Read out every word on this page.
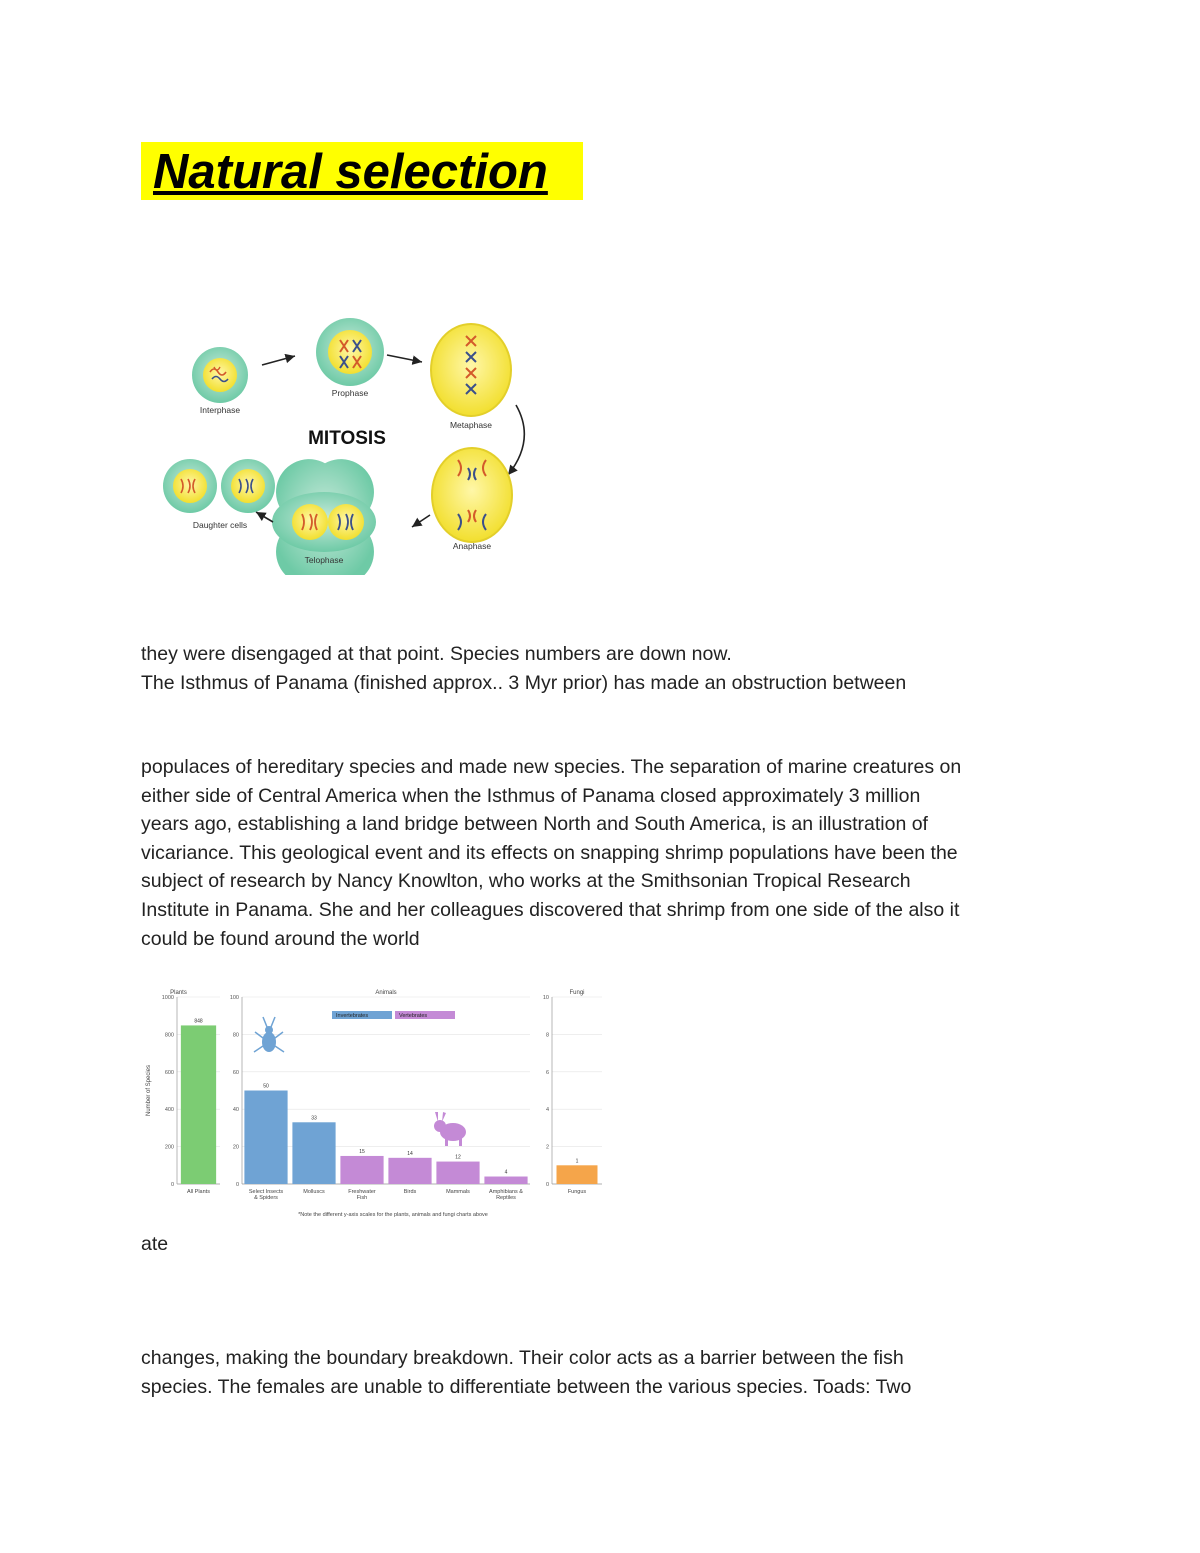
Natural selection
Interphase
Prophase
Metaphase
MITOSIS
Anaphase
Telophase
Daughter cells
they were disengaged at that point. Species numbers are down now.
The Isthmus of Panama (finished approx.. 3 Myr prior) has made an obstruction between
populaces of hereditary species and made new species. The separation of marine creatures on
either side of Central America when the Isthmus of Panama closed approximately 3 million
years ago, establishing a land bridge between North and South America, is an illustration of
vicariance. This geological event and its effects on snapping shrimp populations have been the
subject of research by Nancy Knowlton, who works at the Smithsonian Tropical Research
Institute in Panama. She and her colleagues discovered that shrimp from one side of the also it
could be found around the world
Number of Species
0
200
400
600
800
1000
Plants
848
All Plants
0
20
40
60
80
100
Animals
50
Select Insects
& Spiders
33
Molluscs
15
Freshwater
Fish
14
Birds
12
Mammals
4
Amphibians &
Reptiles
Invertebrates	Vertebrates
0
2
4
6
8
10
Fungi
1
Fungus
*Note the different y-axis scales for the plants, animals and fungi charts above
ate
changes, making the boundary breakdown. Their color acts as a barrier between the fish
species. The females are unable to differentiate between the various species. Toads: Two
